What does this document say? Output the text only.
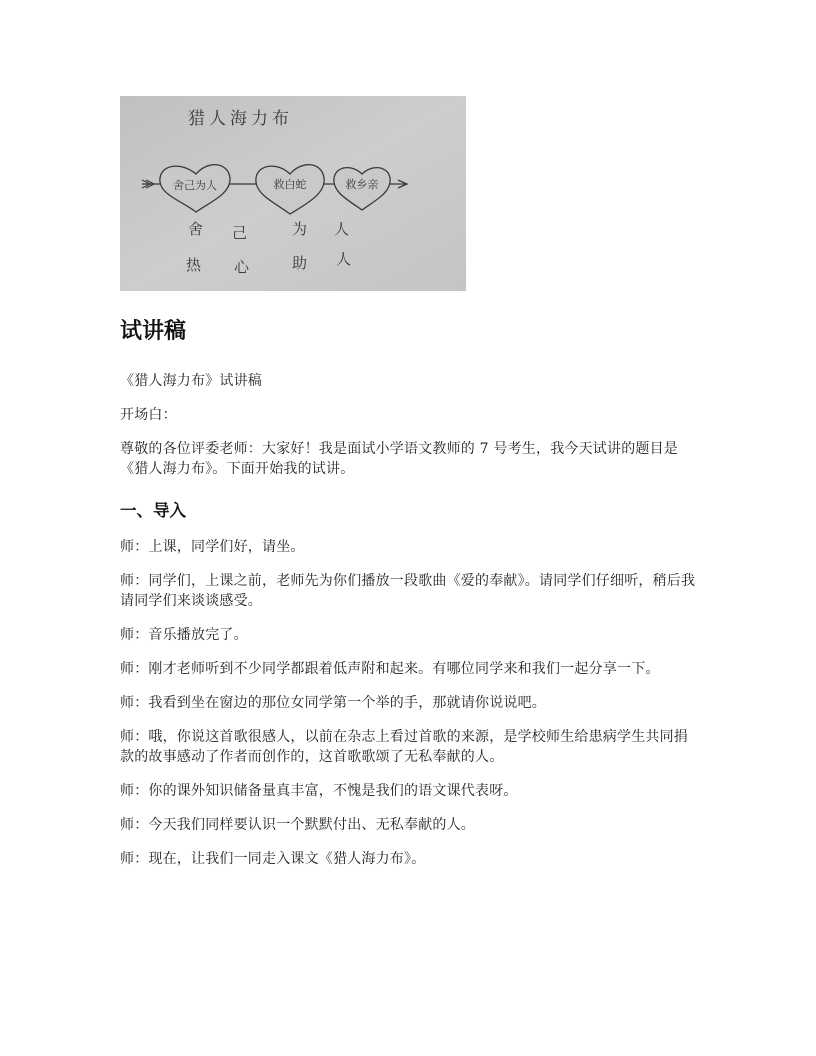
猎人海力布
舍己为人	救白蛇	救乡亲
舍 己	为 人
热 心	助 人
试讲稿

《猎人海力布》试讲稿

开场白：

尊敬的各位评委老师：大家好！我是面试小学语文教师的 7 号考生，我今天试讲的题目是《猎人海力布》。下面开始我的试讲。

一、导入

师：上课，同学们好，请坐。

师：同学们，上课之前，老师先为你们播放一段歌曲《爱的奉献》。请同学们仔细听，稍后我请同学们来谈谈感受。

师：音乐播放完了。

师：刚才老师听到不少同学都跟着低声附和起来。有哪位同学来和我们一起分享一下。

师：我看到坐在窗边的那位女同学第一个举的手，那就请你说说吧。

师：哦，你说这首歌很感人，以前在杂志上看过首歌的来源，是学校师生给患病学生共同捐款的故事感动了作者而创作的，这首歌歌颂了无私奉献的人。

师：你的课外知识储备量真丰富，不愧是我们的语文课代表呀。

师：今天我们同样要认识一个默默付出、无私奉献的人。

师：现在，让我们一同走入课文《猎人海力布》。
